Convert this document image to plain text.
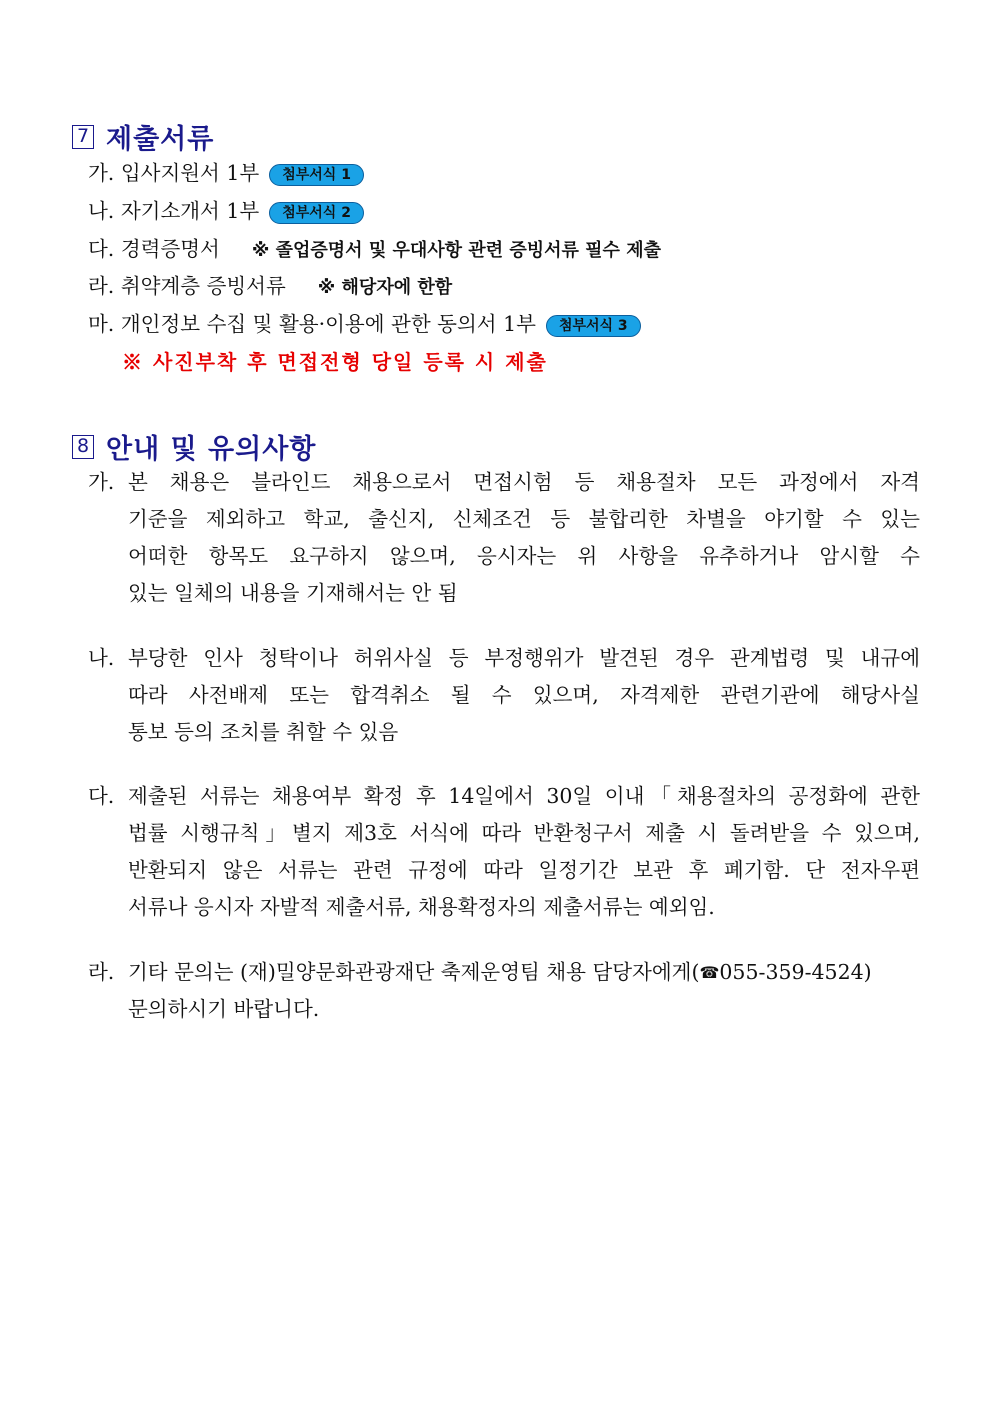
7 제출서류
가. 입사지원서 1부 첨부서식 1
나. 자기소개서 1부 첨부서식 2
다. 경력증명서 ※ 졸업증명서 및 우대사항 관련 증빙서류 필수 제출
라. 취약계층 증빙서류 ※ 해당자에 한함
마. 개인정보 수집 및 활용·이용에 관한 동의서 1부 첨부서식 3
※ 사진부착 후 면접전형 당일 등록 시 제출
8 안내 및 유의사항
가. 본 채용은 블라인드 채용으로서 면접시험 등 채용절차 모든 과정에서 자격
기준을 제외하고 학교, 출신지, 신체조건 등 불합리한 차별을 야기할 수 있는
어떠한 항목도 요구하지 않으며, 응시자는 위 사항을 유추하거나 암시할 수
있는 일체의 내용을 기재해서는 안 됨
나. 부당한 인사 청탁이나 허위사실 등 부정행위가 발견된 경우 관계법령 및 내규에
따라 사전배제 또는 합격취소 될 수 있으며, 자격제한 관련기관에 해당사실
통보 등의 조치를 취할 수 있음
다. 제출된 서류는 채용여부 확정 후 14일에서 30일 이내「채용절차의 공정화에 관한
법률 시행규칙」별지 제3호 서식에 따라 반환청구서 제출 시 돌려받을 수 있으며,
반환되지 않은 서류는 관련 규정에 따라 일정기간 보관 후 폐기함. 단 전자우편
서류나 응시자 자발적 제출서류, 채용확정자의 제출서류는 예외임.
라. 기타 문의는 (재)밀양문화관광재단 축제운영팀 채용 담당자에게(☎055-359-4524)
문의하시기 바랍니다.
